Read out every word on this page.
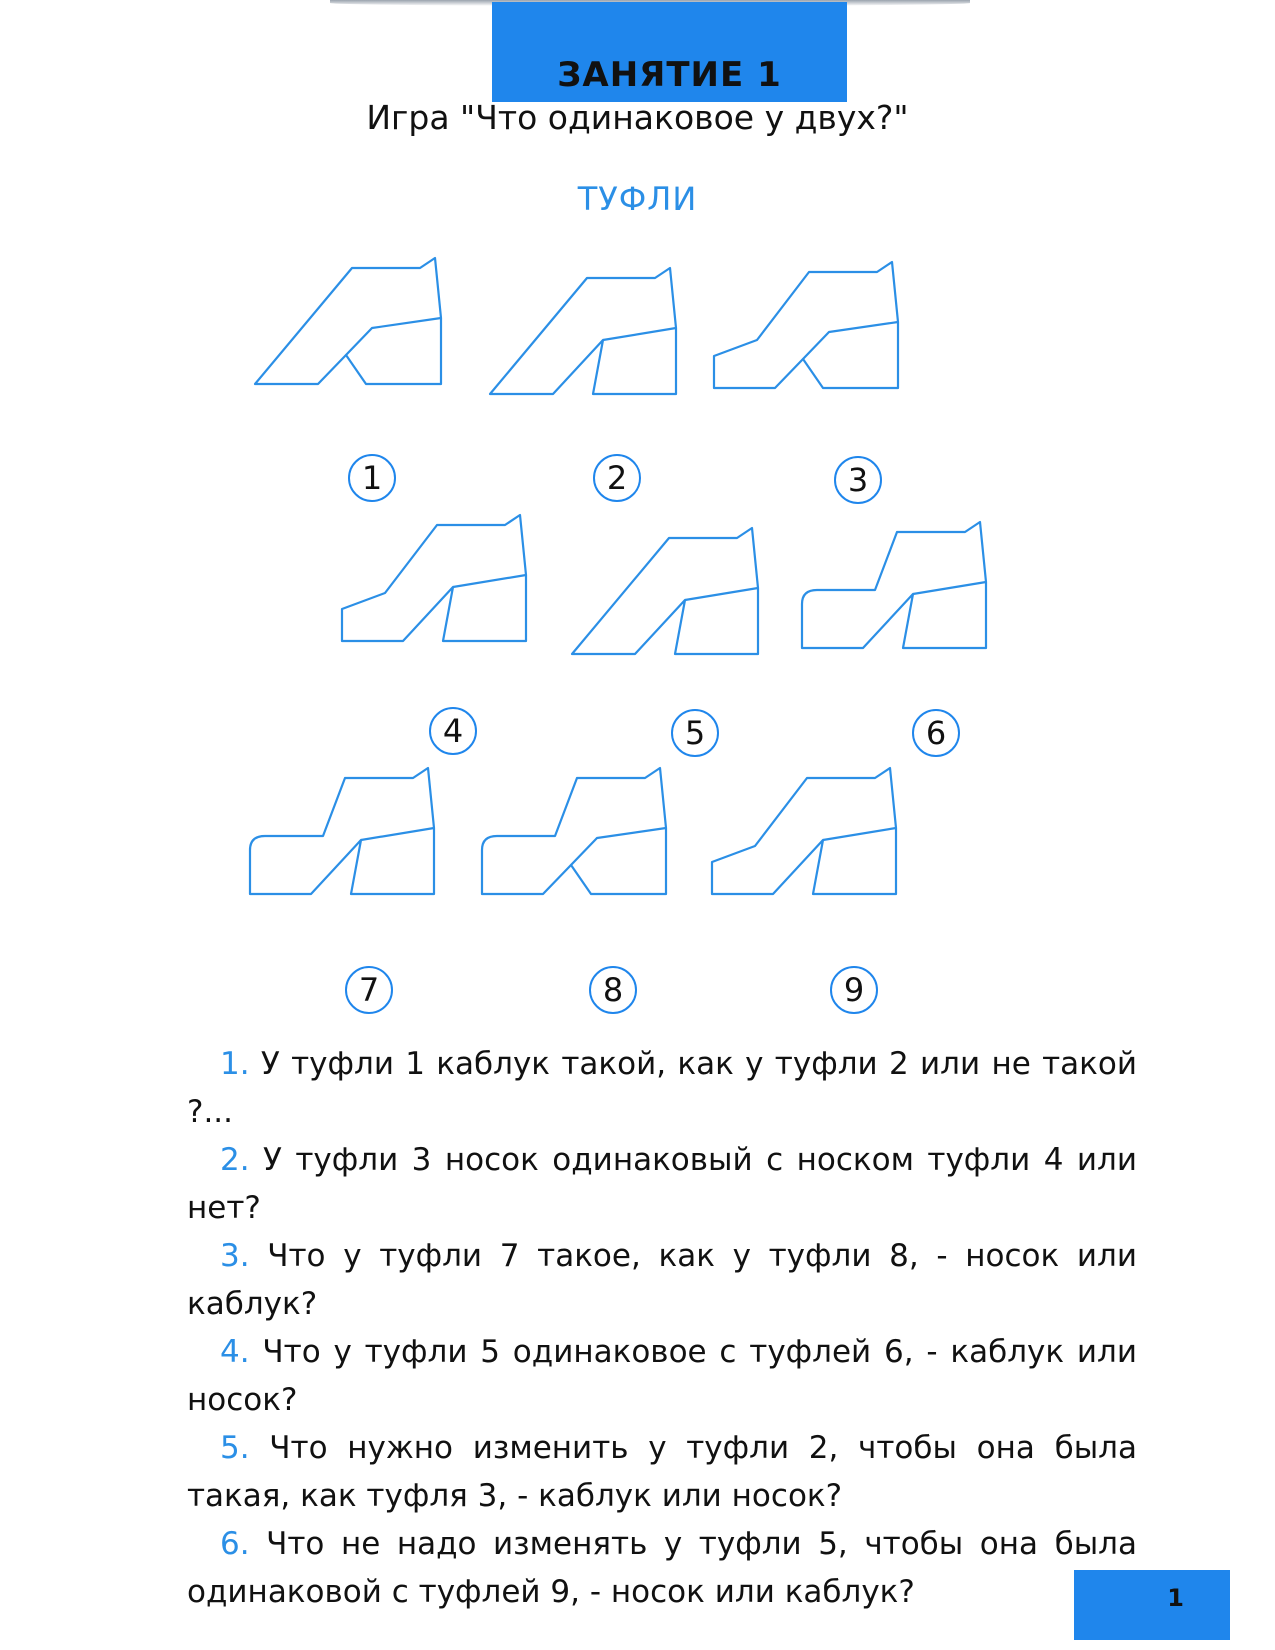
ЗАНЯТИЕ 1
Игра "Что одинаковое у двух?"
ТУФЛИ
1	2	3
4	5	6
7	8	9
1. У туфли 1 каблук такой, как у туфли 2 или не такой ?...
2. У туфли 3 носок одинаковый с носком туфли 4 или нет?
3. Что у туфли 7 такое, как у туфли 8, - носок или каблук?
4. Что у туфли 5 одинаковое с туфлей 6, - каблук или носок?
5. Что нужно изменить у туфли 2, чтобы она была такая, как туфля 3, - каблук или носок?
6. Что не надо изменять у туфли 5, чтобы она была одинаковой с туфлей 9, - носок или каблук?	1
